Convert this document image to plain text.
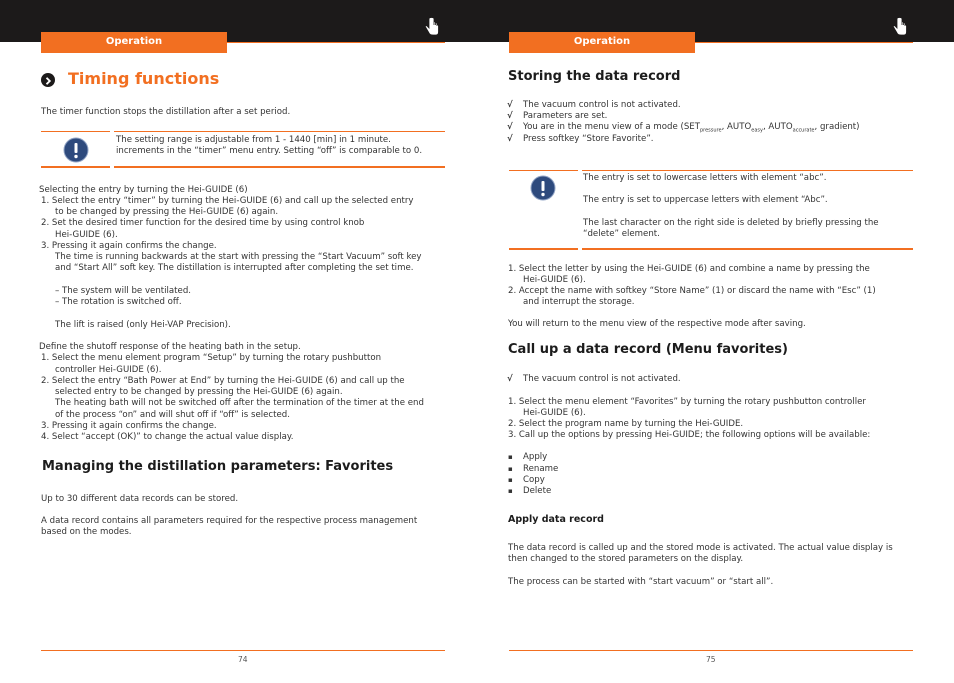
Operation	Operation
Timing functions
The timer function stops the distillation after a set period.
The setting range is adjustable from 1 - 1440 [min] in 1 minute.
increments in the “timer” menu entry. Setting “off” is comparable to 0.
Selecting the entry by turning the Hei-GUIDE (6)
1. Select the entry “timer” by turning the Hei-GUIDE (6) and call up the selected entry
to be changed by pressing the Hei-GUIDE (6) again.
2. Set the desired timer function for the desired time by using control knob
Hei-GUIDE (6).
3. Pressing it again confirms the change.
The time is running backwards at the start with pressing the “Start Vacuum” soft key
and “Start All” soft key. The distillation is interrupted after completing the set time.
– The system will be ventilated.
– The rotation is switched off.
The lift is raised (only Hei-VAP Precision).
Define the shutoff response of the heating bath in the setup.
1. Select the menu element program “Setup” by turning the rotary pushbutton
controller Hei-GUIDE (6).
2. Select the entry “Bath Power at End” by turning the Hei-GUIDE (6) and call up the
selected entry to be changed by pressing the Hei-GUIDE (6) again.
The heating bath will not be switched off after the termination of the timer at the end
of the process “on” and will shut off if “off” is selected.
3. Pressing it again confirms the change.
4. Select “accept (OK)” to change the actual value display.
Managing the distillation parameters: Favorites
Up to 30 different data records can be stored.
A data record contains all parameters required for the respective process management
based on the modes.
74
Storing the data record
√ The vacuum control is not activated.
√ Parameters are set.
√ You are in the menu view of a mode ($SET_{pressure}$, $AUTO_{easy}$, $AUTO_{accurate}$, gradient)
√ Press softkey “Store Favorite”.
The entry is set to lowercase letters with element “abc”.
The entry is set to uppercase letters with element “Abc”.
The last character on the right side is deleted by briefly pressing the
“delete” element.
1. Select the letter by using the Hei-GUIDE (6) and combine a name by pressing the
Hei-GUIDE (6).
2. Accept the name with softkey “Store Name” (1) or discard the name with “Esc” (1)
and interrupt the storage.
You will return to the menu view of the respective mode after saving.
Call up a data record (Menu favorites)
√ The vacuum control is not activated.
1. Select the menu element “Favorites” by turning the rotary pushbutton controller
Hei-GUIDE (6).
2. Select the program name by turning the Hei-GUIDE.
3. Call up the options by pressing Hei-GUIDE; the following options will be available:
▪ Apply
▪ Rename
▪ Copy
▪ Delete
Apply data record
The data record is called up and the stored mode is activated. The actual value display is
then changed to the stored parameters on the display.
The process can be started with “start vacuum” or “start all”.
75
